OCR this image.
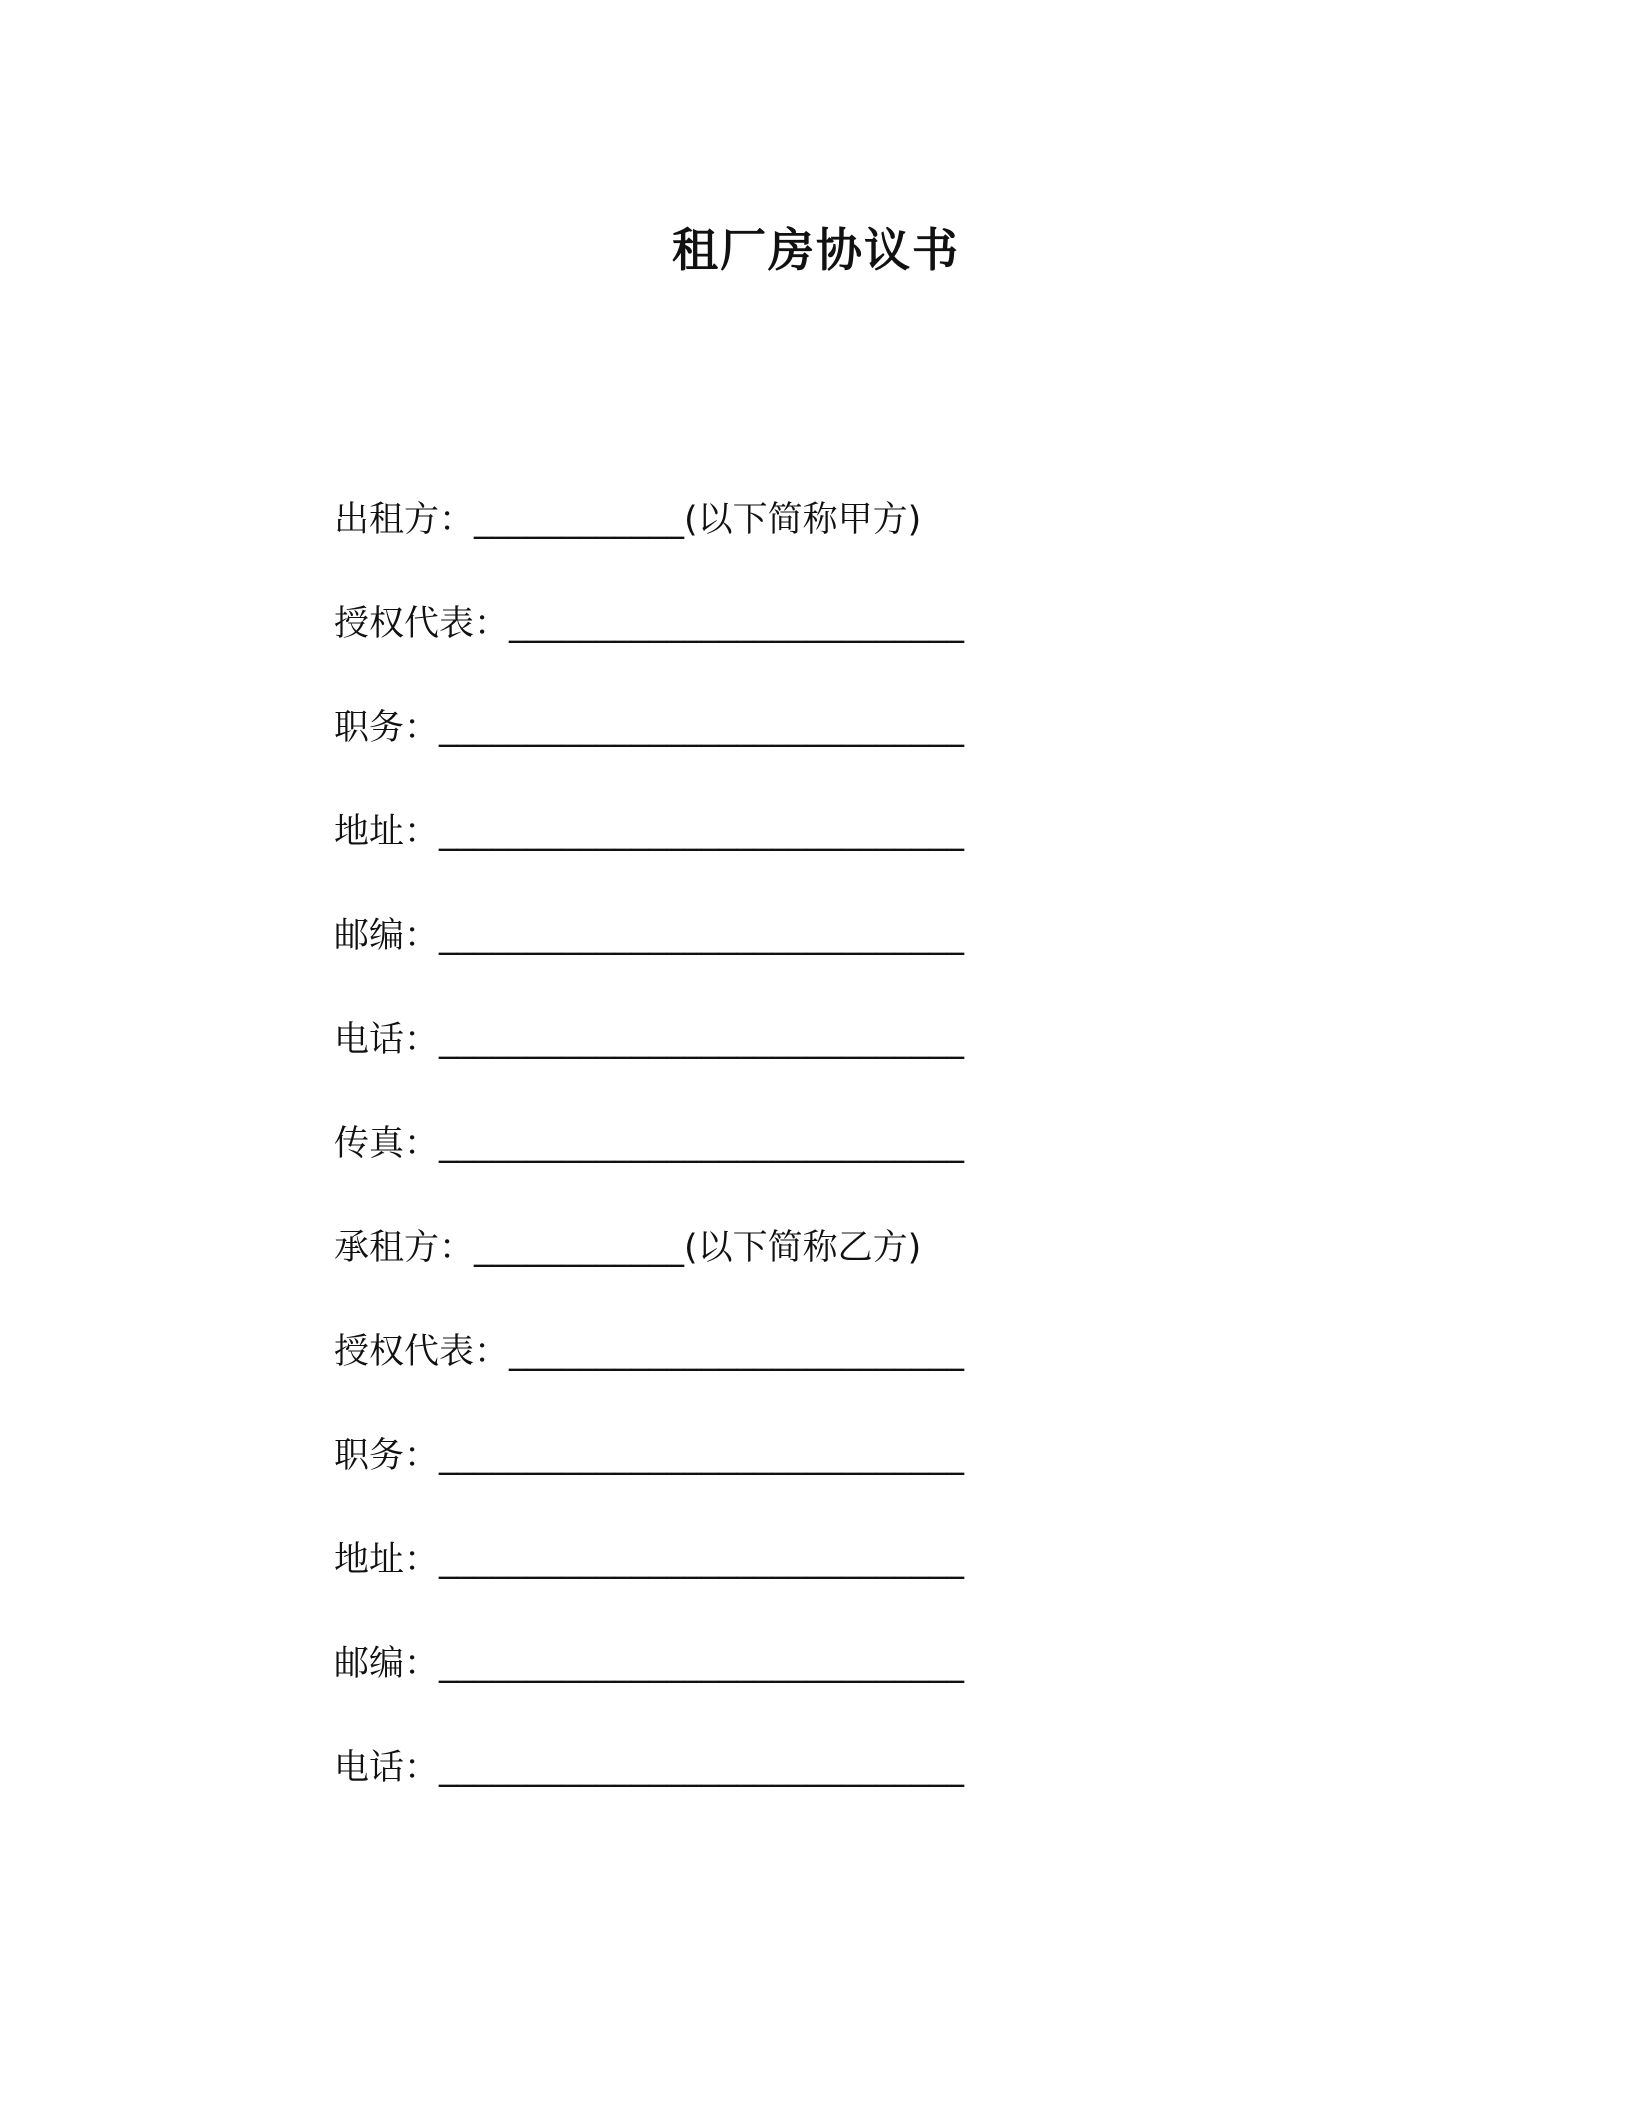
租厂房协议书
出租方：____________(以下简称甲方)
授权代表：__________________________
职务：______________________________
地址：______________________________
邮编：______________________________
电话：______________________________
传真：______________________________
承租方：____________(以下简称乙方)
授权代表：__________________________
职务：______________________________
地址：______________________________
邮编：______________________________
电话：______________________________
